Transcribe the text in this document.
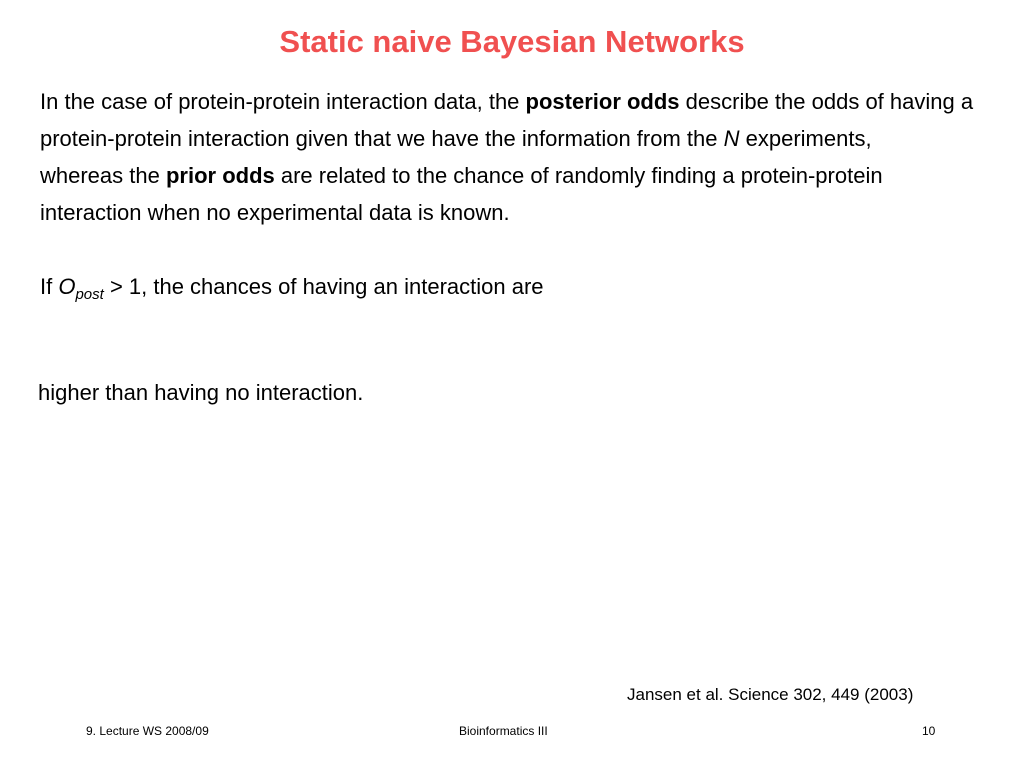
Static naive Bayesian Networks

In the case of protein-protein interaction data, the posterior odds describe the odds of having a protein-protein interaction given that we have the information from the N experiments,

whereas the prior odds are related to the chance of randomly finding a protein-protein interaction when no experimental data is known.

If $O_{post} > 1$, the chances of having an interaction are

higher than having no interaction.

Jansen et al. Science 302, 449 (2003)
9. Lecture WS 2008/09	Bioinformatics III	10
